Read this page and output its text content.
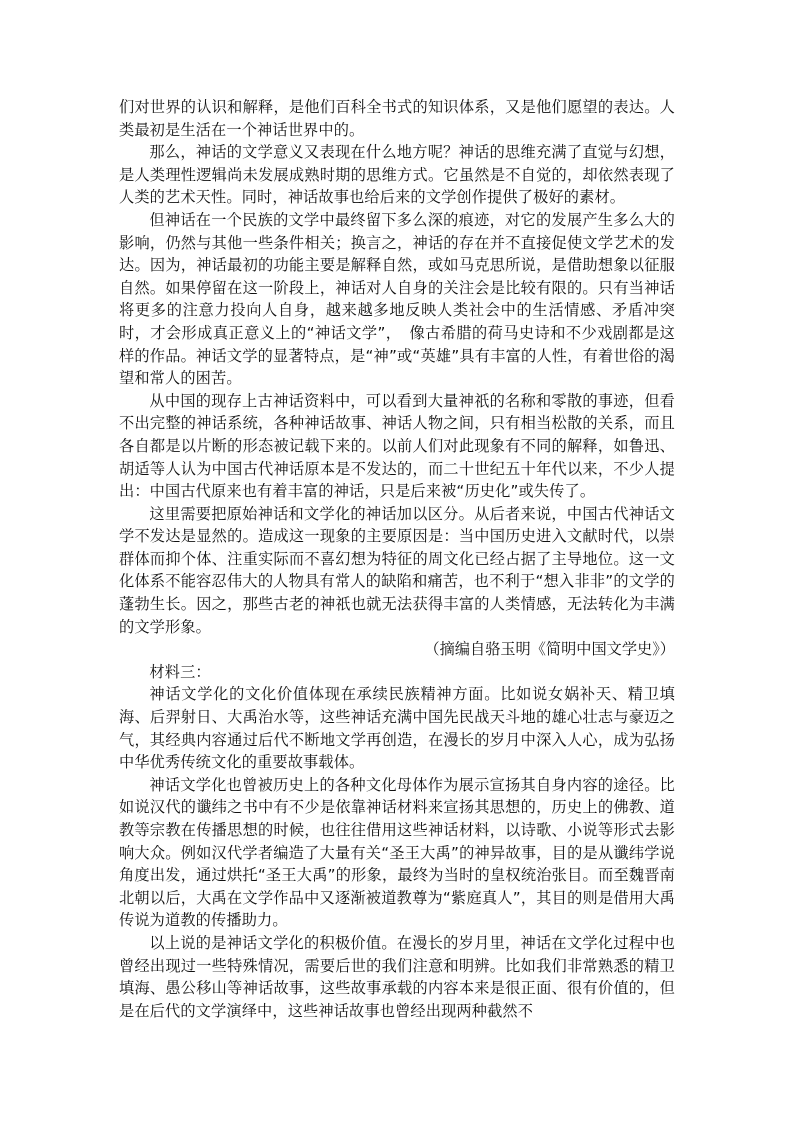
们对世界的认识和解释，是他们百科全书式的知识体系，又是他们愿望的表达。人类最初是生活在一个神话世界中的。

那么，神话的文学意义又表现在什么地方呢？神话的思维充满了直觉与幻想，是人类理性逻辑尚未发展成熟时期的思维方式。它虽然是不自觉的，却依然表现了人类的艺术天性。同时，神话故事也给后来的文学创作提供了极好的素材。

但神话在一个民族的文学中最终留下多么深的痕迹，对它的发展产生多么大的影响，仍然与其他一些条件相关；换言之，神话的存在并不直接促使文学艺术的发达。因为，神话最初的功能主要是解释自然，或如马克思所说，是借助想象以征服自然。如果停留在这一阶段上，神话对人自身的关注会是比较有限的。只有当神话将更多的注意力投向人自身，越来越多地反映人类社会中的生活情感、矛盾冲突时，才会形成真正意义上的“神话文学”，　像古希腊的荷马史诗和不少戏剧都是这样的作品。神话文学的显著特点，是“神”或“英雄”具有丰富的人性，有着世俗的渴望和常人的困苦。

从中国的现存上古神话资料中，可以看到大量神祇的名称和零散的事迹，但看不出完整的神话系统，各种神话故事、神话人物之间，只有相当松散的关系，而且各自都是以片断的形态被记载下来的。以前人们对此现象有不同的解释，如鲁迅、胡适等人认为中国古代神话原本是不发达的，而二十世纪五十年代以来，不少人提出：中国古代原来也有着丰富的神话，只是后来被“历史化”或失传了。

这里需要把原始神话和文学化的神话加以区分。从后者来说，中国古代神话文学不发达是显然的。造成这一现象的主要原因是：当中国历史进入文献时代，以崇群体而抑个体、注重实际而不喜幻想为特征的周文化已经占据了主导地位。这一文化体系不能容忍伟大的人物具有常人的缺陷和痛苦，也不利于“想入非非”的文学的蓬勃生长。因之，那些古老的神祇也就无法获得丰富的人类情感，无法转化为丰满的文学形象。

（摘编自骆玉明《简明中国文学史》）

材料三：

神话文学化的文化价值体现在承续民族精神方面。比如说女娲补天、精卫填海、后羿射日、大禹治水等，这些神话充满中国先民战天斗地的雄心壮志与豪迈之气，其经典内容通过后代不断地文学再创造，在漫长的岁月中深入人心，成为弘扬中华优秀传统文化的重要故事载体。

神话文学化也曾被历史上的各种文化母体作为展示宣扬其自身内容的途径。比如说汉代的谶纬之书中有不少是依靠神话材料来宣扬其思想的，历史上的佛教、道教等宗教在传播思想的时候，也往往借用这些神话材料，以诗歌、小说等形式去影响大众。例如汉代学者编造了大量有关“圣王大禹”的神异故事，目的是从谶纬学说角度出发，通过烘托“圣王大禹”的形象，最终为当时的皇权统治张目。而至魏晋南北朝以后，大禹在文学作品中又逐渐被道教尊为“紫庭真人”，其目的则是借用大禹传说为道教的传播助力。

以上说的是神话文学化的积极价值。在漫长的岁月里，神话在文学化过程中也曾经出现过一些特殊情况，需要后世的我们注意和明辨。比如我们非常熟悉的精卫填海、愚公移山等神话故事，这些故事承载的内容本来是很正面、很有价值的，但是在后代的文学演绎中，这些神话故事也曾经出现两种截然不
